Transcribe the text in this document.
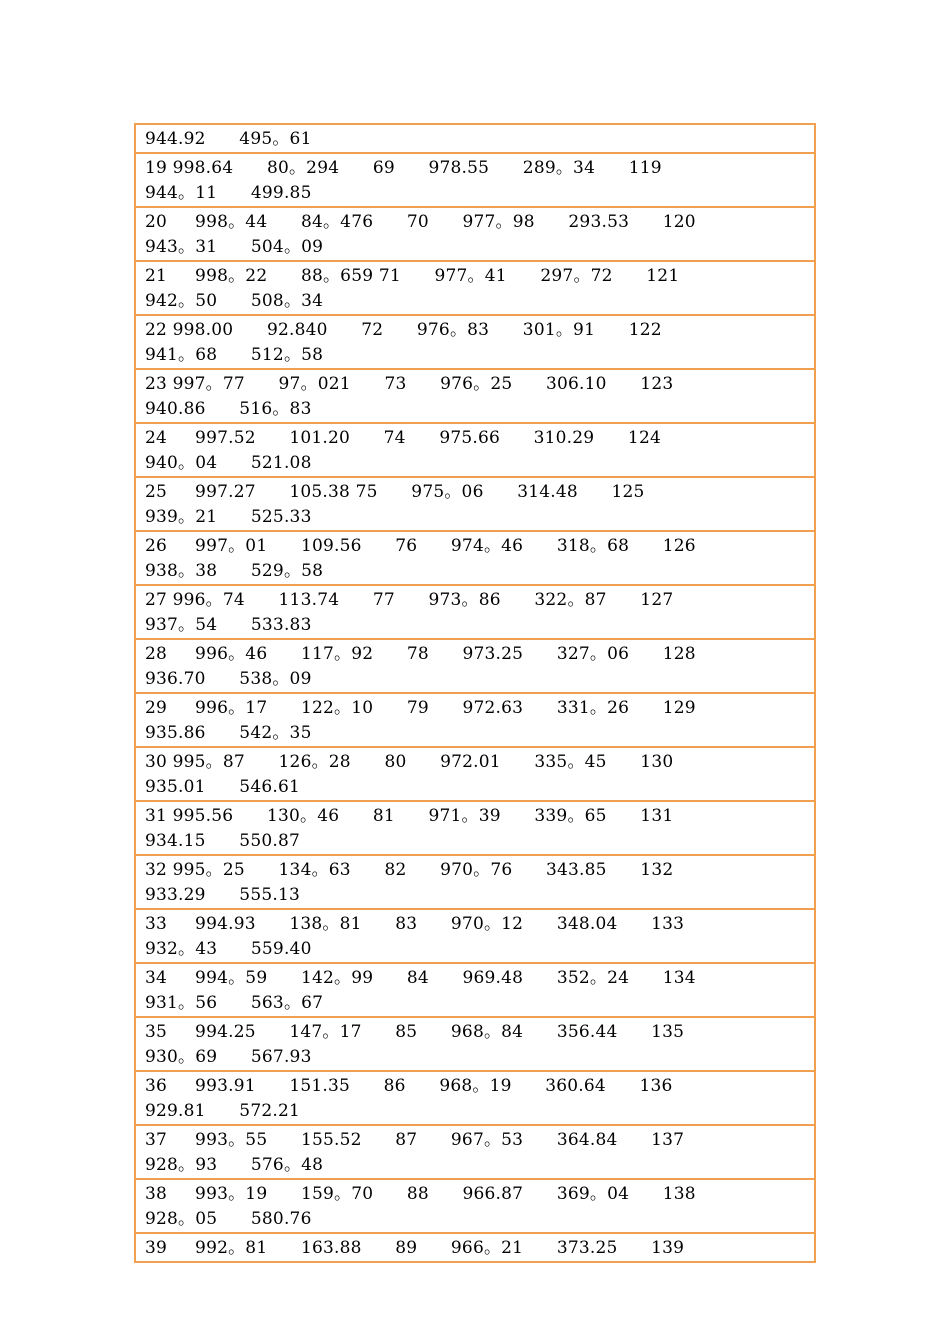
944.92      495。61
19 998.64      80。294      69      978.55      289。34      119
944。11      499.85
20     998。44      84。476      70      977。98      293.53      120
943。31      504。09
21     998。22      88。659 71      977。41      297。72      121
942。50      508。34
22 998.00      92.840      72      976。83      301。91      122
941。68      512。58
23 997。77      97。021      73      976。25      306.10      123
940.86      516。83
24     997.52      101.20      74      975.66      310.29      124
940。04      521.08
25     997.27      105.38 75      975。06      314.48      125
939。21      525.33
26     997。01      109.56      76      974。46      318。68      126
938。38      529。58
27 996。74      113.74      77      973。86      322。87      127
937。54      533.83
28     996。46      117。92      78      973.25      327。06      128
936.70      538。09
29     996。17      122。10      79      972.63      331。26      129
935.86      542。35
30 995。87      126。28      80      972.01      335。45      130
935.01      546.61
31 995.56      130。46      81      971。39      339。65      131
934.15      550.87
32 995。25      134。63      82      970。76      343.85      132
933.29      555.13
33     994.93      138。81      83      970。12      348.04      133
932。43      559.40
34     994。59      142。99      84      969.48      352。24      134
931。56      563。67
35     994.25      147。17      85      968。84      356.44      135
930。69      567.93
36     993.91      151.35      86      968。19      360.64      136
929.81      572.21
37     993。55      155.52      87      967。53      364.84      137
928。93      576。48
38     993。19      159。70      88      966.87      369。04      138
928。05      580.76
39     992。81      163.88      89      966。21      373.25      139
